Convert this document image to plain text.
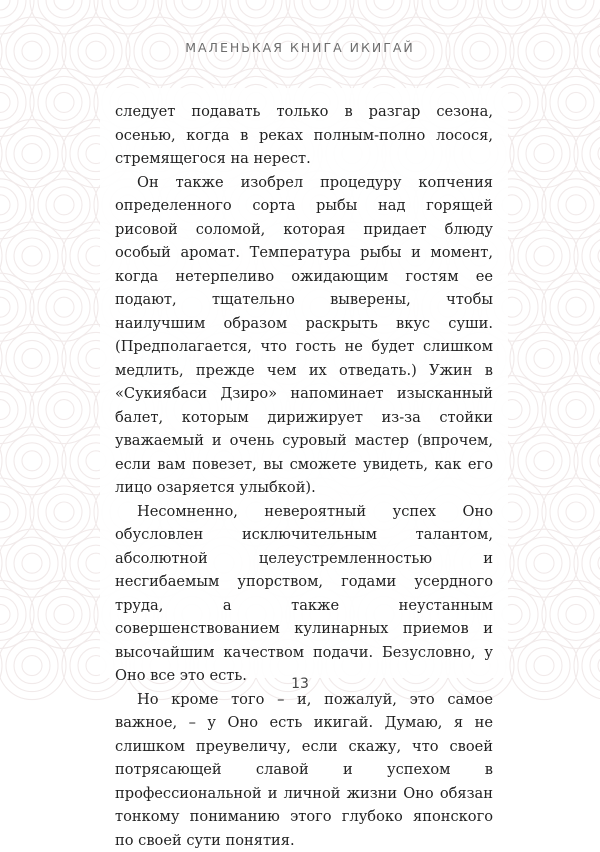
МАЛЕНЬКАЯ КНИГА ИКИГАЙ

следует подавать только в разгар сезона, осенью, когда в реках полным-полно лосося, стремящегося на нерест.

Он также изобрел процедуру копчения определенного сорта рыбы над горящей рисовой соломой, которая придает блюду особый аромат. Температура рыбы и момент, когда нетерпеливо ожидающим гостям ее подают, тщательно выверены, чтобы наилучшим образом раскрыть вкус суши. (Предполагается, что гость не будет слишком медлить, прежде чем их отведать.) Ужин в «Сукиябаси Дзиро» напоминает изысканный балет, которым дирижирует из-за стойки уважаемый и очень суровый мастер (впрочем, если вам повезет, вы сможете увидеть, как его лицо озаряется улыбкой).

Несомненно, невероятный успех Оно обусловлен исключительным талантом, абсолютной целеустремленностью и несгибаемым упорством, годами усердного труда, а также неустанным совершенствованием кулинарных приемов и высочайшим качеством подачи. Безусловно, у Оно все это есть.

Но кроме того – и, пожалуй, это самое важное, – у Оно есть икигай. Думаю, я не слишком преувеличу, если скажу, что своей потрясающей славой и успехом в профессиональной и личной жизни Оно обязан тонкому пониманию этого глубоко японского по своей сути понятия.

13
